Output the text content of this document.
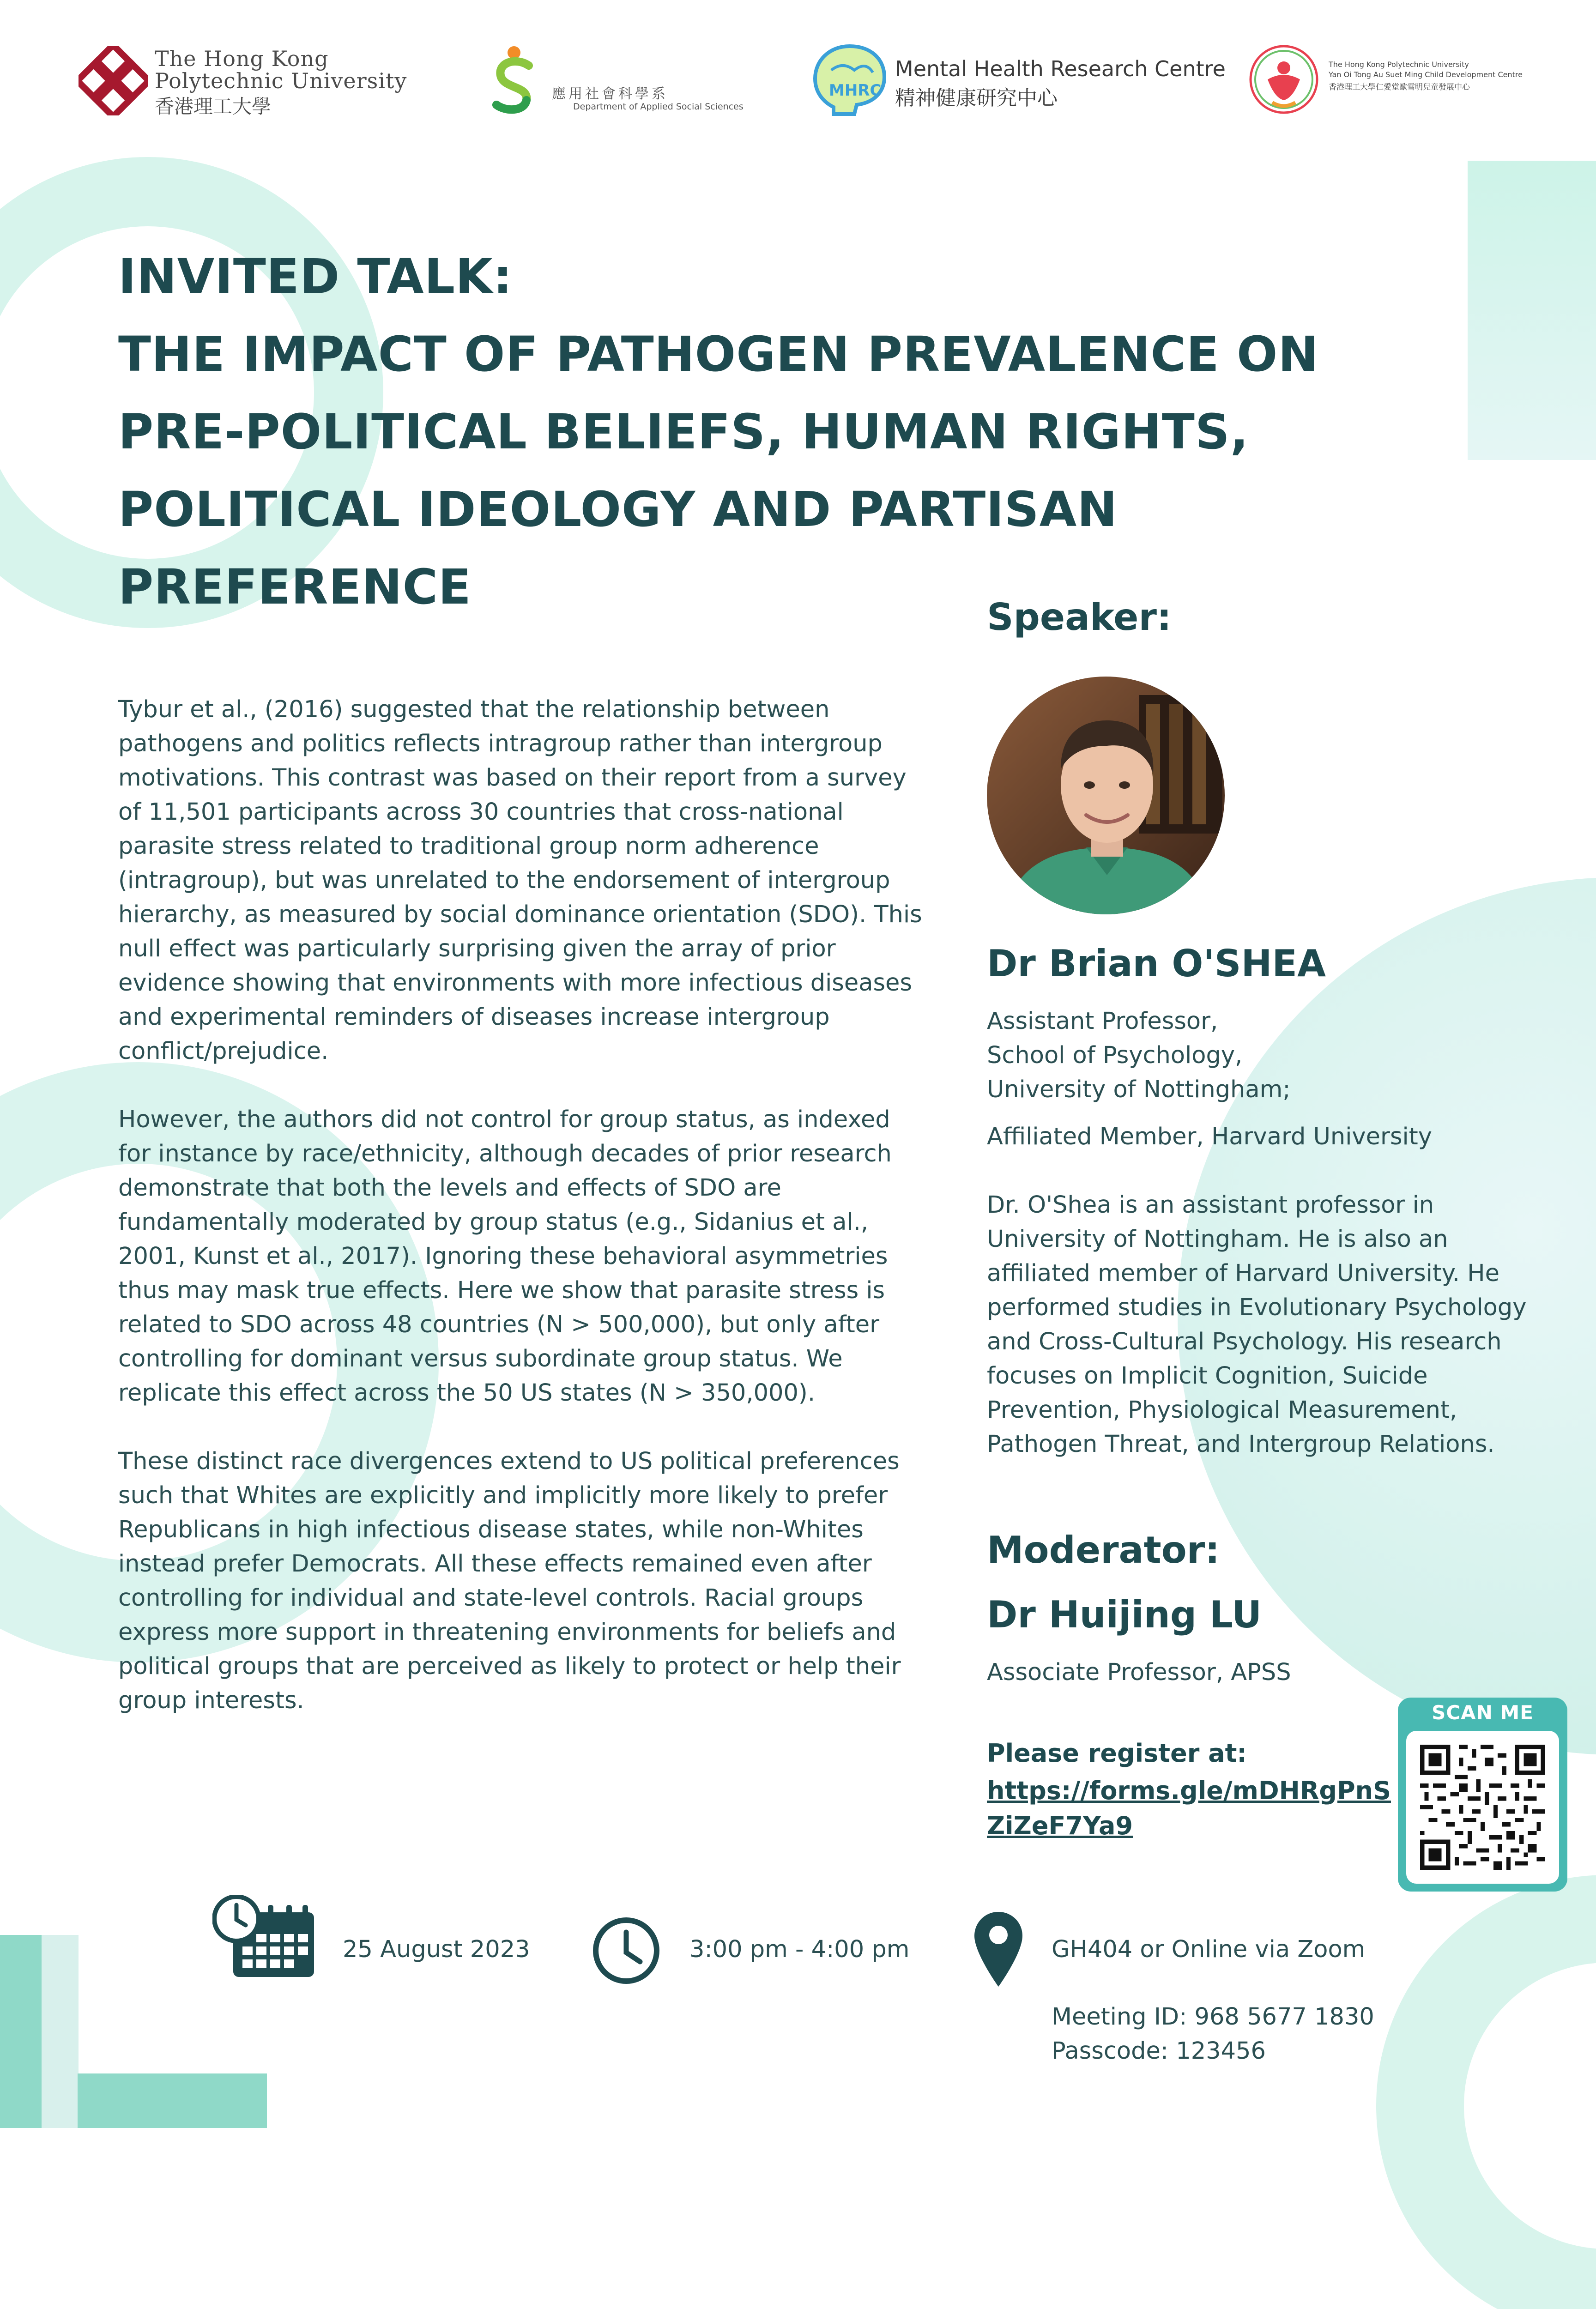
The Hong Kong
Polytechnic University
香港理工大學
應用社會科學系
Department of Applied Social Sciences
MHRC
Mental Health Research Centre
精神健康研究中心
The Hong Kong Polytechnic University
Yan Oi Tong Au Suet Ming Child Development Centre
香港理工大學仁愛堂歐雪明兒童發展中心
INVITED TALK:
THE IMPACT OF PATHOGEN PREVALENCE ON
PRE-POLITICAL BELIEFS, HUMAN RIGHTS,
POLITICAL IDEOLOGY AND PARTISAN
PREFERENCE

Tybur et al., (2016) suggested that the relationship between pathogens and politics reflects intragroup rather than intergroup motivations. This contrast was based on their report from a survey of 11,501 participants across 30 countries that cross-national parasite stress related to traditional group norm adherence (intragroup), but was unrelated to the endorsement of intergroup hierarchy, as measured by social dominance orientation (SDO). This null effect was particularly surprising given the array of prior evidence showing that environments with more infectious diseases and experimental reminders of diseases increase intergroup conflict/prejudice.

However, the authors did not control for group status, as indexed for instance by race/ethnicity, although decades of prior research demonstrate that both the levels and effects of SDO are fundamentally moderated by group status (e.g., Sidanius et al., 2001, Kunst et al., 2017). Ignoring these behavioral asymmetries thus may mask true effects. Here we show that parasite stress is related to SDO across 48 countries (N > 500,000), but only after controlling for dominant versus subordinate group status. We replicate this effect across the 50 US states (N > 350,000).

These distinct race divergences extend to US political preferences such that Whites are explicitly and implicitly more likely to prefer Republicans in high infectious disease states, while non-Whites instead prefer Democrats. All these effects remained even after controlling for individual and state-level controls. Racial groups express more support in threatening environments for beliefs and political groups that are perceived as likely to protect or help their group interests.

Speaker:
Dr Brian O'SHEA
Assistant Professor,
School of Psychology,
University of Nottingham;
Affiliated Member, Harvard University
Dr. O'Shea is an assistant professor in University of Nottingham. He is also an affiliated member of Harvard University. He performed studies in Evolutionary Psychology and Cross-Cultural Psychology. His research focuses on Implicit Cognition, Suicide Prevention, Physiological Measurement, Pathogen Threat, and Intergroup Relations.
Moderator:
Dr Huijing LU
Associate Professor, APSS
Please register at:
https://forms.gle/mDHRgPnSZiZeF7Ya9
SCAN ME
25 August 2023	3:00 pm - 4:00 pm	GH404 or Online via Zoom
Meeting ID: 968 5677 1830
Passcode: 123456
